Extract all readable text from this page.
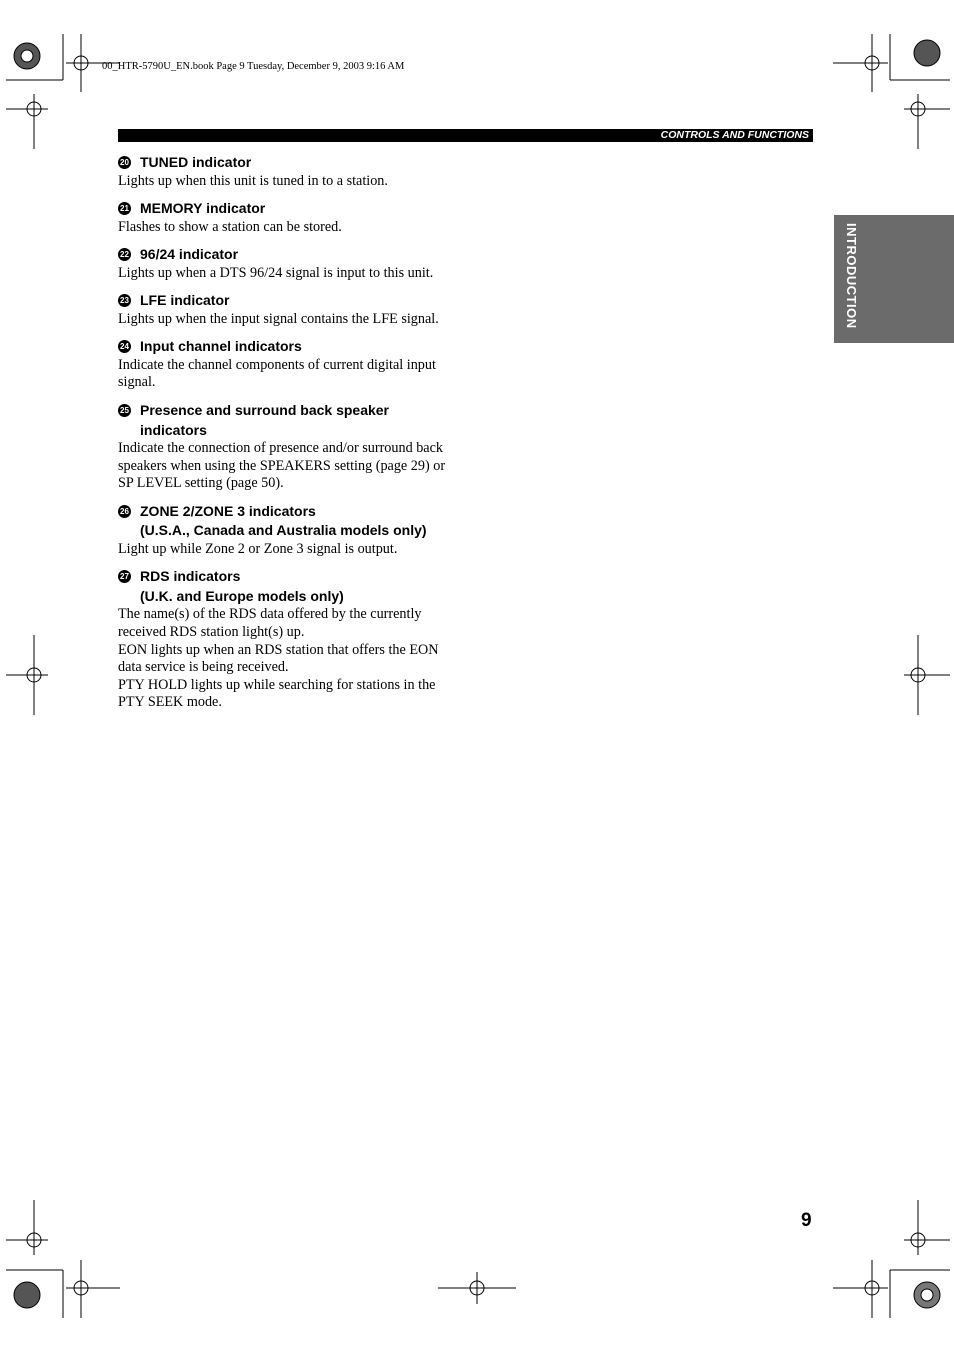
00_HTR-5790U_EN.book Page 9 Tuesday, December 9, 2003 9:16 AM
CONTROLS AND FUNCTIONS
INTRODUCTION
20 TUNED indicator
Lights up when this unit is tuned in to a station.
21 MEMORY indicator
Flashes to show a station can be stored.
22 96/24 indicator
Lights up when a DTS 96/24 signal is input to this unit.
23 LFE indicator
Lights up when the input signal contains the LFE signal.
24 Input channel indicators
Indicate the channel components of current digital input
signal.
25 Presence and surround back speaker
indicators
Indicate the connection of presence and/or surround back
speakers when using the SPEAKERS setting (page 29) or
SP LEVEL setting (page 50).
26 ZONE 2/ZONE 3 indicators
(U.S.A., Canada and Australia models only)
Light up while Zone 2 or Zone 3 signal is output.
27 RDS indicators
(U.K. and Europe models only)
The name(s) of the RDS data offered by the currently
received RDS station light(s) up.
EON lights up when an RDS station that offers the EON
data service is being received.
PTY HOLD lights up while searching for stations in the
PTY SEEK mode.
9
